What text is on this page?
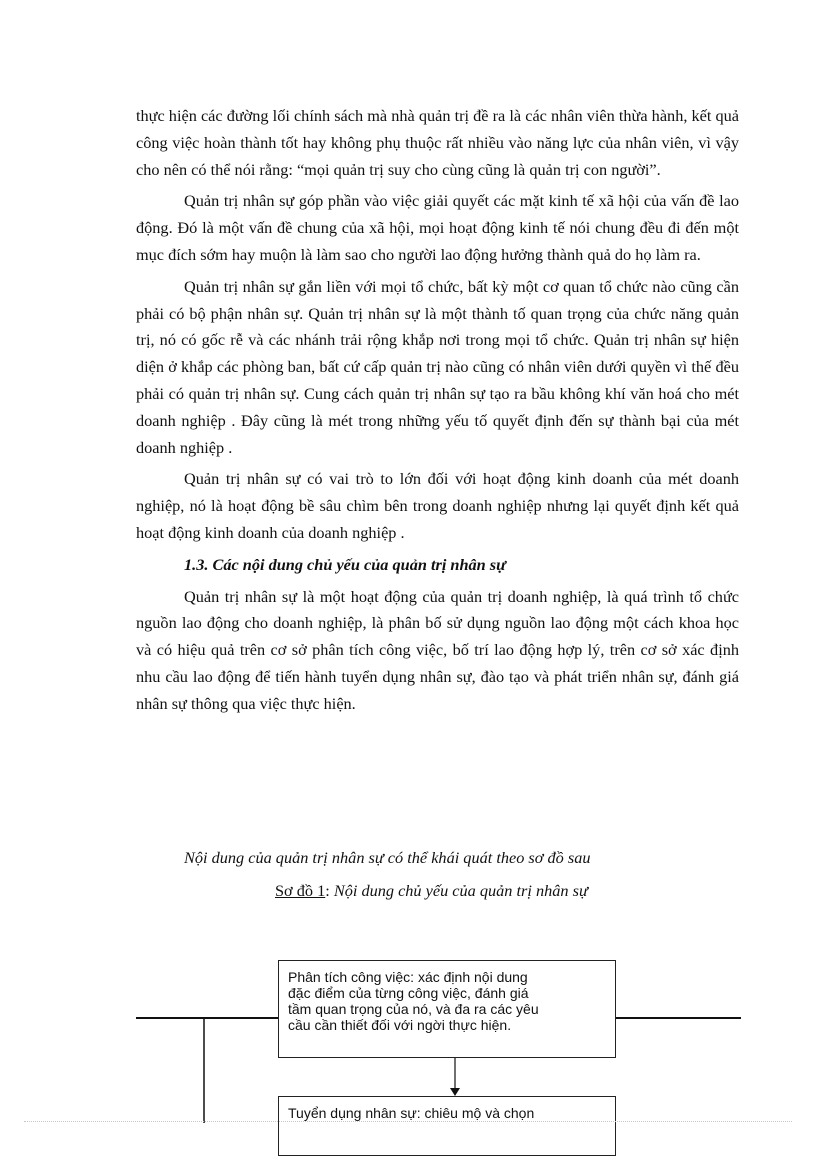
thực hiện các đường lối chính sách mà nhà quản trị đề ra là các nhân viên thừa hành, kết quả công việc hoàn thành tốt hay không phụ thuộc rất nhiều vào năng lực của nhân viên, vì vậy cho nên có thể nói rằng: “mọi quản trị suy cho cùng cũng là quản trị con người”.

Quản trị nhân sự góp phần vào việc giải quyết các mặt kinh tế xã hội của vấn đề lao động. Đó là một vấn đề chung của xã hội, mọi hoạt động kinh tế nói chung đều đi đến một mục đích sớm hay muộn là làm sao cho người lao động hưởng thành quả do họ làm ra.

Quản trị nhân sự gắn liền với mọi tổ chức, bất kỳ một cơ quan tổ chức nào cũng cần phải có bộ phận nhân sự. Quản trị nhân sự là một thành tố quan trọng của chức năng quản trị, nó có gốc rễ và các nhánh trải rộng khắp nơi trong mọi tổ chức. Quản trị nhân sự hiện diện ở khắp các phòng ban, bất cứ cấp quản trị nào cũng có nhân viên dưới quyền vì thế đều phải có quản trị nhân sự. Cung cách quản trị nhân sự tạo ra bầu không khí văn hoá cho mét doanh nghiệp . Đây cũng là mét trong những yếu tố quyết định đến sự thành bại của mét doanh nghiệp .

Quản trị nhân sự có vai trò to lớn đối với hoạt động kinh doanh của mét doanh nghiệp, nó là hoạt động bề sâu chìm bên trong doanh nghiệp nhưng lại quyết định kết quả hoạt động kinh doanh của doanh nghiệp .

1.3. Các nội dung chủ yếu của quản trị nhân sự

Quản trị nhân sự là một hoạt động của quản trị doanh nghiệp, là quá trình tổ chức nguồn lao động cho doanh nghiệp, là phân bố sử dụng nguồn lao động một cách khoa học và có hiệu quả trên cơ sở phân tích công việc, bố trí lao động hợp lý, trên cơ sở xác định nhu cầu lao động để tiến hành tuyển dụng nhân sự, đào tạo và phát triển nhân sự, đánh giá nhân sự thông qua việc thực hiện.

Nội dung của quản trị nhân sự có thể khái quát theo sơ đồ sau
Sơ đồ 1: Nội dung chủ yếu của quản trị nhân sự
Phân tích công việc: xác định nội dung
đặc điểm của từng công việc, đánh giá
tầm quan trọng của nó, và đa ra các yêu
cầu cần thiết đối với ngời thực hiện.
Tuyển dụng nhân sự: chiêu mộ và chọn
